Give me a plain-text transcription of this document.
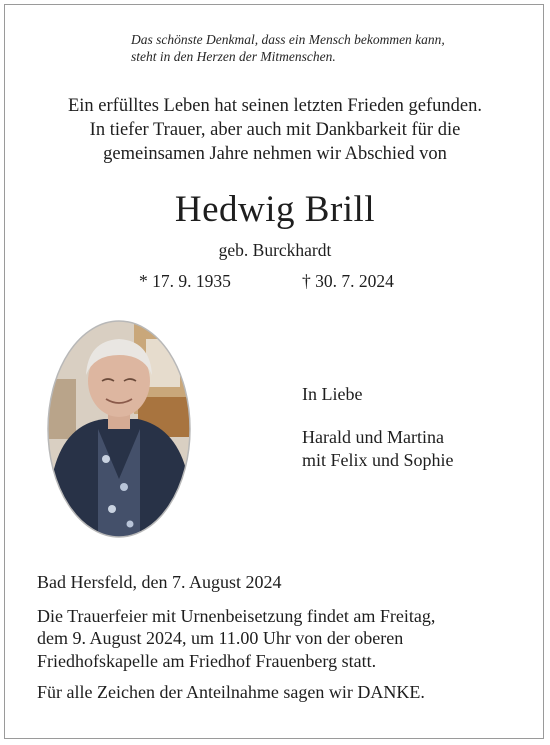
Das schönste Denkmal, dass ein Mensch bekommen kann,
steht in den Herzen der Mitmenschen.
Ein erfülltes Leben hat seinen letzten Frieden gefunden.
In tiefer Trauer, aber auch mit Dankbarkeit für die
gemeinsamen Jahre nehmen wir Abschied von
Hedwig Brill
geb. Burckhardt
* 17. 9. 1935	† 30. 7. 2024
In Liebe
Harald und Martina
mit Felix und Sophie
Bad Hersfeld, den 7. August 2024
Die Trauerfeier mit Urnenbeisetzung findet am Freitag,
dem 9. August 2024, um 11.00 Uhr von der oberen
Friedhofskapelle am Friedhof Frauenberg statt.
Für alle Zeichen der Anteilnahme sagen wir DANKE.
